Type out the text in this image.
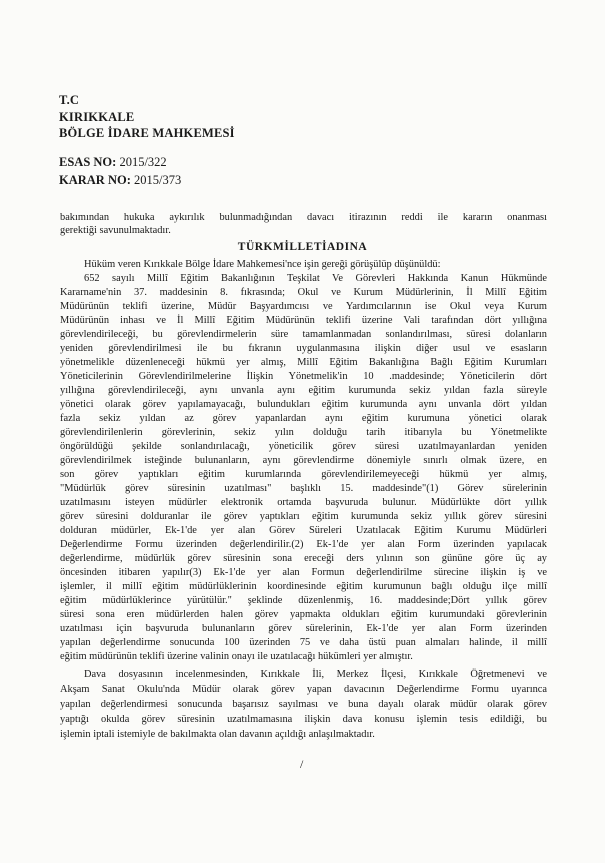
T.C
KIRIKKALE
BÖLGE İDARE MAHKEMESİ
ESAS NO: 2015/322
KARAR NO: 2015/373
bakımından hukuka aykırılık bulunmadığından davacı itirazının reddi ile kararın onanması
gerektiği savunulmaktadır.
TÜRKMİLLETİADINA
Hüküm veren Kırıkkale Bölge İdare Mahkemesi'nce işin gereği görüşülüp düşünüldü:
652 sayılı Millî Eğitim Bakanlığının Teşkilat Ve Görevleri Hakkında Kanun Hükmünde
Kararname'nin 37. maddesinin 8. fıkrasında; Okul ve Kurum Müdürlerinin, İl Millî Eğitim
Müdürünün teklifi üzerine, Müdür Başyardımcısı ve Yardımcılarının ise Okul veya Kurum
Müdürünün inhası ve İl Millî Eğitim Müdürünün teklifi üzerine Vali tarafından dört yıllığına
görevlendirileceği, bu görevlendirmelerin süre tamamlanmadan sonlandırılması, süresi dolanların
yeniden görevlendirilmesi ile bu fıkranın uygulanmasına ilişkin diğer usul ve esasların
yönetmelikle düzenleneceği hükmü yer almış, Millî Eğitim Bakanlığına Bağlı Eğitim Kurumları
Yöneticilerinin Görevlendirilmelerine İlişkin Yönetmelik'in 10 .maddesinde; Yöneticilerin dört
yıllığına görevlendirileceği, aynı unvanla aynı eğitim kurumunda sekiz yıldan fazla süreyle
yönetici olarak görev yapılamayacağı, bulundukları eğitim kurumunda aynı unvanla dört yıldan
fazla sekiz yıldan az görev yapanlardan aynı eğitim kurumuna yönetici olarak
görevlendirilenlerin görevlerinin, sekiz yılın dolduğu tarih itibarıyla bu Yönetmelikte
öngörüldüğü şekilde sonlandırılacağı, yöneticilik görev süresi uzatılmayanlardan yeniden
görevlendirilmek isteğinde bulunanların, aynı görevlendirme dönemiyle sınırlı olmak üzere, en
son görev yaptıkları eğitim kurumlarında görevlendirilemeyeceği hükmü yer almış,
"Müdürlük görev süresinin uzatılması" başlıklı 15. maddesinde"(1) Görev sürelerinin
uzatılmasını isteyen müdürler elektronik ortamda başvuruda bulunur. Müdürlükte dört yıllık
görev süresini dolduranlar ile görev yaptıkları eğitim kurumunda sekiz yıllık görev süresini
dolduran müdürler, Ek-1'de yer alan Görev Süreleri Uzatılacak Eğitim Kurumu Müdürleri
Değerlendirme Formu üzerinden değerlendirilir.(2) Ek-1'de yer alan Form üzerinden yapılacak
değerlendirme, müdürlük görev süresinin sona ereceği ders yılının son gününe göre üç ay
öncesinden itibaren yapılır(3) Ek-1'de yer alan Formun değerlendirilme sürecine ilişkin iş ve
işlemler, il millî eğitim müdürlüklerinin koordinesinde eğitim kurumunun bağlı olduğu ilçe millî
eğitim müdürlüklerince yürütülür." şeklinde düzenlenmiş, 16. maddesinde;Dört yıllık görev
süresi sona eren müdürlerden halen görev yapmakta oldukları eğitim kurumundaki görevlerinin
uzatılması için başvuruda bulunanların görev sürelerinin, Ek-1'de yer alan Form üzerinden
yapılan değerlendirme sonucunda 100 üzerinden 75 ve daha üstü puan almaları halinde, il millî
eğitim müdürünün teklifi üzerine valinin onayı ile uzatılacağı hükümleri yer almıştır.
Dava dosyasının incelenmesinden, Kırıkkale İli, Merkez İlçesi, Kırıkkale Öğretmenevi ve
Akşam Sanat Okulu'nda Müdür olarak görev yapan davacının Değerlendirme Formu uyarınca
yapılan değerlendirmesi sonucunda başarısız sayılması ve buna dayalı olarak müdür olarak görev
yaptığı okulda görev süresinin uzatılmamasına ilişkin dava konusu işlemin tesis edildiği, bu
işlemin iptali istemiyle de bakılmakta olan davanın açıldığı anlaşılmaktadır.
/
